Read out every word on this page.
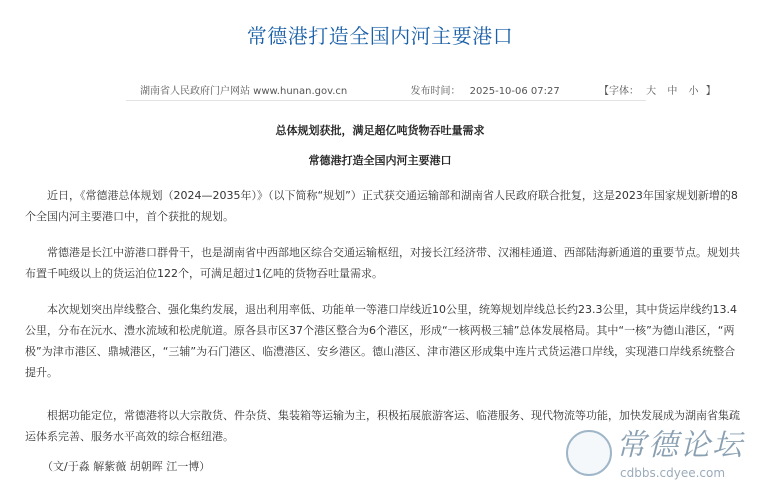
常德港打造全国内河主要港口
湖南省人民政府门户网站 www.hunan.gov.cn	发布时间： 2025-10-06 07:27	【字体： 大 中 小 】
总体规划获批，满足超亿吨货物吞吐量需求
常德港打造全国内河主要港口
近日，《常德港总体规划（2024—2035年）》（以下简称“规划”）正式获交通运输部和湖南省人民政府联合批复，这是2023年国家规划新增的8个全国内河主要港口中，首个获批的规划。
常德港是长江中游港口群骨干，也是湖南省中西部地区综合交通运输枢纽，对接长江经济带、汉湘桂通道、西部陆海新通道的重要节点。规划共布置千吨级以上的货运泊位122个，可满足超过1亿吨的货物吞吐量需求。
本次规划突出岸线整合、强化集约发展，退出利用率低、功能单一等港口岸线近10公里，统筹规划岸线总长约23.3公里，其中货运岸线约13.4公里，分布在沅水、澧水流域和松虎航道。原各县市区37个港区整合为6个港区，形成“一核两极三辅”总体发展格局。其中“一核”为德山港区，“两极”为津市港区、鼎城港区，“三辅”为石门港区、临澧港区、安乡港区。德山港区、津市港区形成集中连片式货运港口岸线，实现港口岸线系统整合提升。
根据功能定位，常德港将以大宗散货、件杂货、集装箱等运输为主，积极拓展旅游客运、临港服务、现代物流等功能，加快发展成为湖南省集疏运体系完善、服务水平高效的综合枢纽港。
（文/于淼 解紫薇 胡朝晖 江一博）
常德论坛
cdbbs.cdyee.com
